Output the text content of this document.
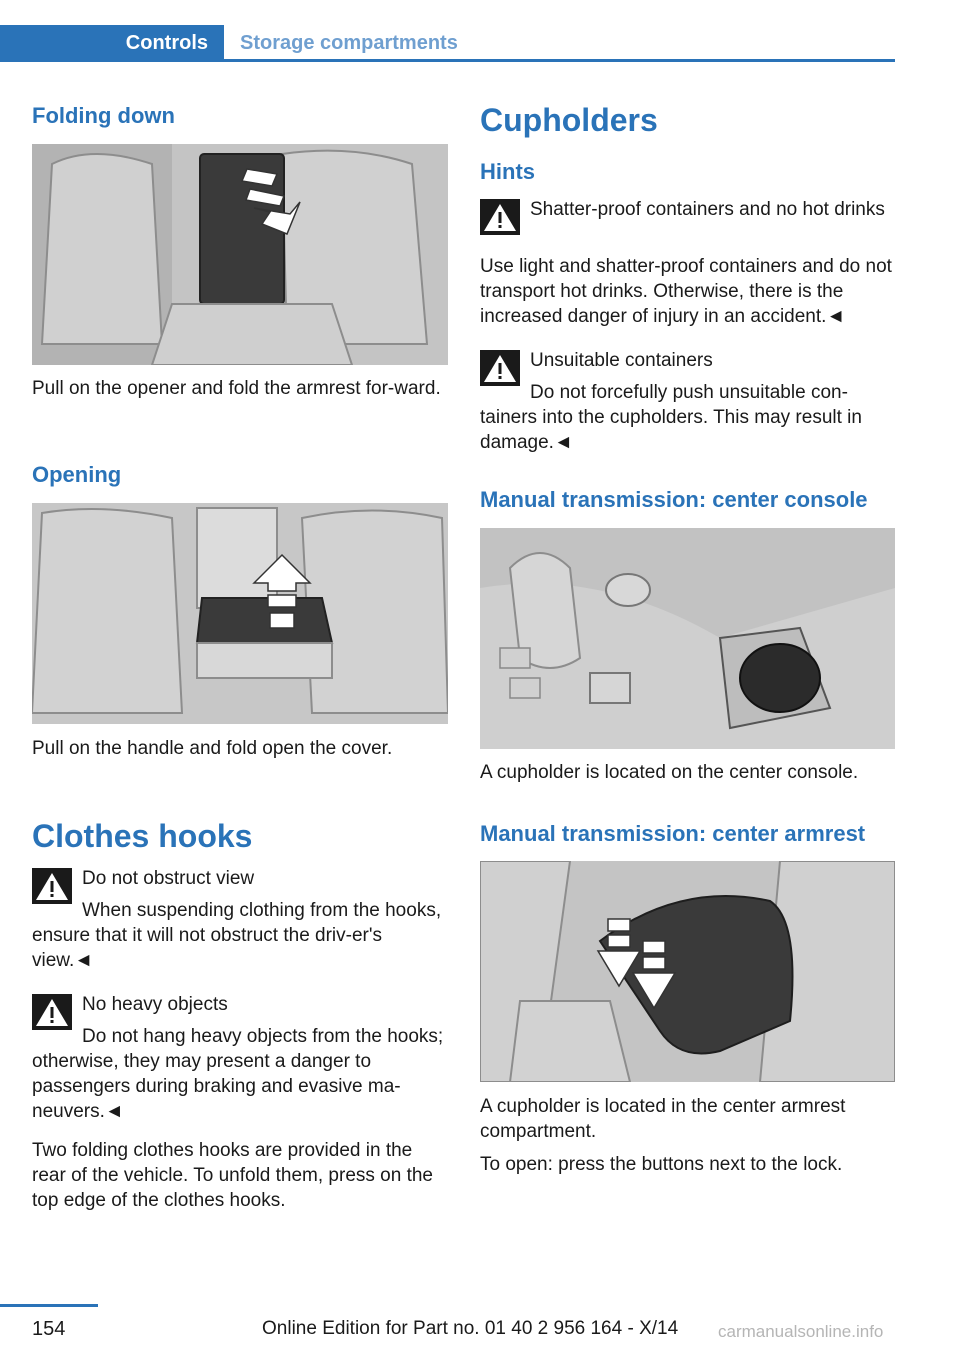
Controls	Storage compartments
Folding down

Pull on the opener and fold the armrest for-ward.

Opening

Pull on the handle and fold open the cover.

Clothes hooks
Do not obstruct view
When suspending clothing from the hooks, ensure that it will not obstruct the driv-er's view.◄
No heavy objects
Do not hang heavy objects from the hooks; otherwise, they may present a danger to passengers during braking and evasive ma-neuvers.◄

Two folding clothes hooks are provided in the rear of the vehicle. To unfold them, press on the top edge of the clothes hooks.

Cupholders
Hints
Shatter-proof containers and no hot drinks
Use light and shatter-proof containers and do not transport hot drinks. Otherwise, there is the increased danger of injury in an accident.◄
Unsuitable containers
Do not forcefully push unsuitable con-tainers into the cupholders. This may result in damage.◄
Manual transmission: center console

A cupholder is located on the center console.

Manual transmission: center armrest

A cupholder is located in the center armrest compartment.

To open: press the buttons next to the lock.

154	Online Edition for Part no. 01 40 2 956 164 - X/14 carmanualsonline.info
